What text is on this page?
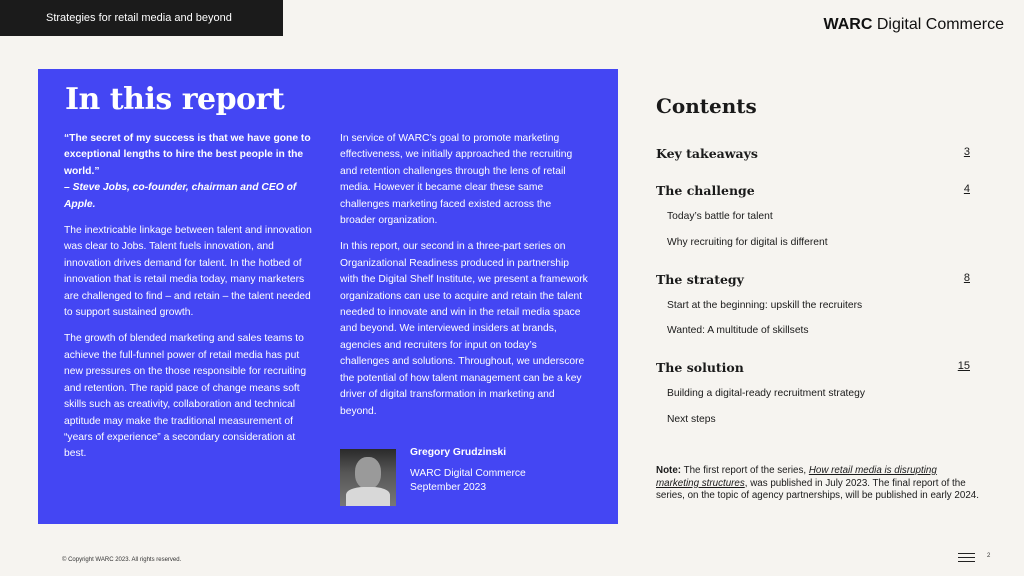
Strategies for retail media and beyond	WARC Digital Commerce
In this report

“The secret of my success is that we have gone to exceptional lengths to hire the best people in the world.”
– Steve Jobs, co-founder, chairman and CEO of Apple.

The inextricable linkage between talent and innovation was clear to Jobs. Talent fuels innovation, and innovation drives demand for talent. In the hotbed of innovation that is retail media today, many marketers are challenged to find – and retain – the talent needed to support sustained growth.

The growth of blended marketing and sales teams to achieve the full-funnel power of retail media has put new pressures on the those responsible for recruiting and retention. The rapid pace of change means soft skills such as creativity, collaboration and technical aptitude may make the traditional measurement of “years of experience” a secondary consideration at best.

In service of WARC’s goal to promote marketing effectiveness, we initially approached the recruiting and retention challenges through the lens of retail media. However it became clear these same challenges marketing faced existed across the broader organization.

In this report, our second in a three-part series on Organizational Readiness produced in partnership with the Digital Shelf Institute, we present a framework organizations can use to acquire and retain the talent needed to innovate and win in the retail media space and beyond. We interviewed insiders at brands, agencies and recruiters for input on today’s challenges and solutions. Throughout, we underscore the potential of how talent management can be a key driver of digital transformation in marketing and beyond.

Gregory Grudzinski
WARC Digital Commerce
September 2023
Contents
Key takeaways	3
The challenge	4
Today’s battle for talent
Why recruiting for digital is different
The strategy	8
Start at the beginning: upskill the recruiters
Wanted: A multitude of skillsets
The solution	15
Building a digital-ready recruitment strategy
Next steps
Note: The first report of the series, How retail media is disrupting marketing structures, was published in July 2023. The final report of the series, on the topic of agency partnerships, will be published in early 2024.
© Copyright WARC 2023. All rights reserved.
2
